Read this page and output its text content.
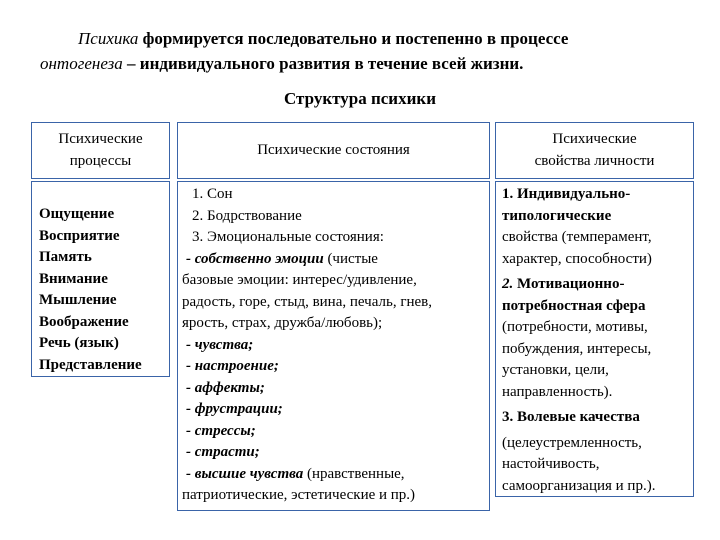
Психика формируется последовательно и постепенно в процессе
онтогенеза – индивидуального развития в течение всей жизни.
Структура психики
Психические
процессы
Психические состояния
Психические
свойства личности
Ощущение
Восприятие
Память
Внимание
Мышление
Воображение
Речь (язык)
Представление
1. Сон
2. Бодрствование
3. Эмоциональные состояния:
- собственно эмоции (чистые
базовые эмоции: интерес/удивление,
радость, горе, стыд, вина, печаль, гнев,
ярость, страх, дружба/любовь);
- чувства;
- настроение;
- аффекты;
- фрустрации;
- стрессы;
- страсти;
- высшие чувства (нравственные,
патриотические, эстетические и пр.)
1. Индивидуально-
типологические
свойства (темперамент,
характер, способности)
2. Мотивационно-
потребностная сфера
(потребности, мотивы,
побуждения, интересы,
установки, цели,
направленность).
3. Волевые качества
(целеустремленность,
настойчивость,
самоорганизация и пр.).
